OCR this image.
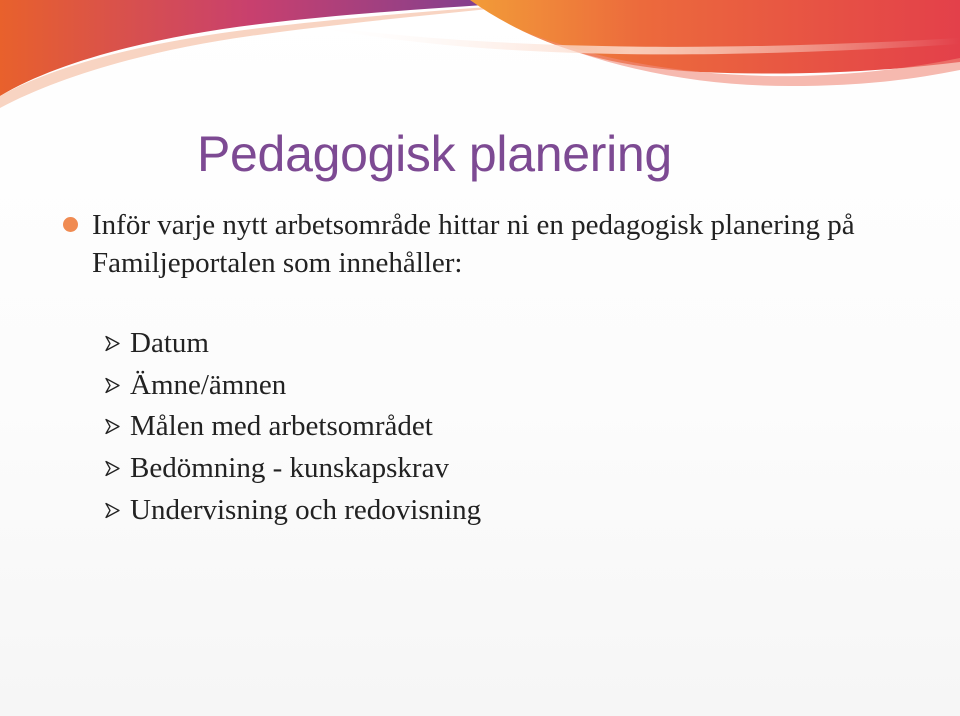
Pedagogisk planering

Inför varje nytt arbetsområde hittar ni en pedagogisk planering på Familjeportalen som innehåller:

Datum
Ämne/ämnen
Målen med arbetsområdet
Bedömning - kunskapskrav
Undervisning och redovisning
